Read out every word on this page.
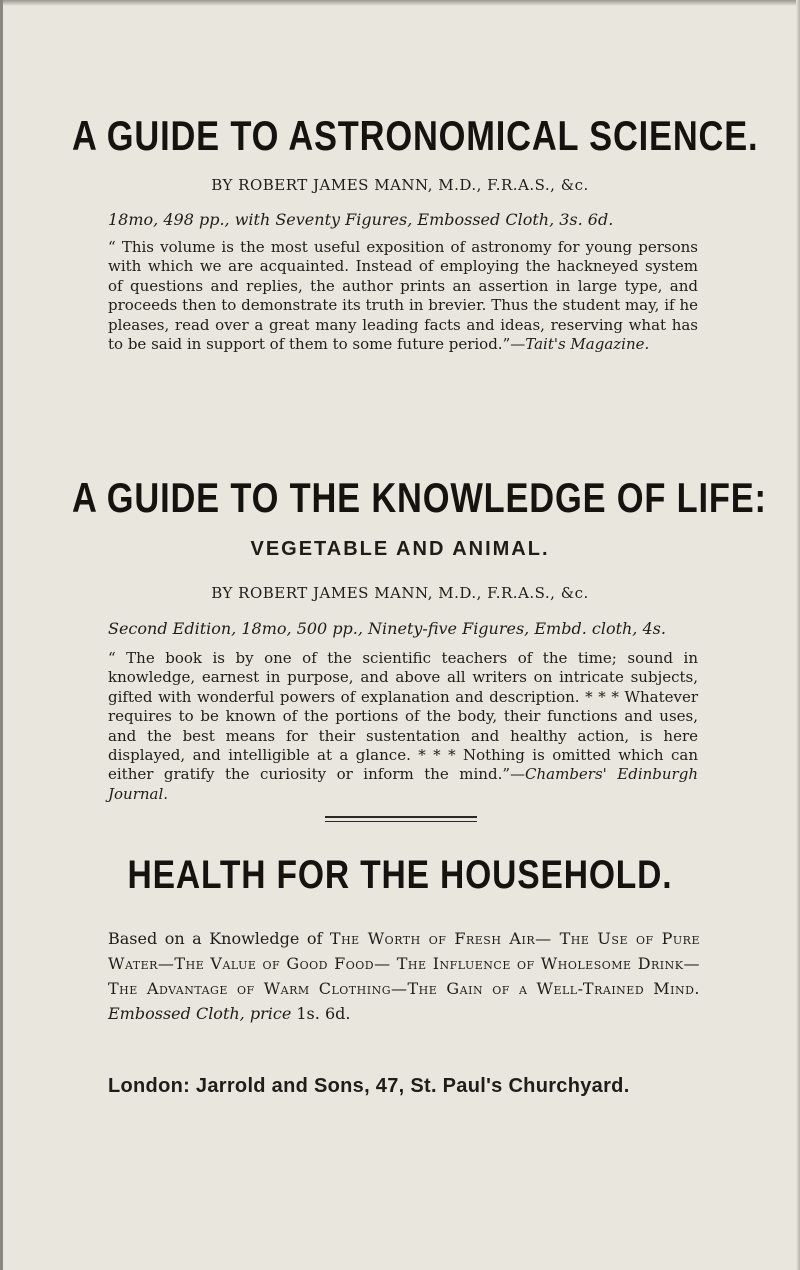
A GUIDE TO ASTRONOMICAL SCIENCE.
BY ROBERT JAMES MANN, M.D., F.R.A.S., &c.
18mo, 498 pp., with Seventy Figures, Embossed Cloth, 3s. 6d.
“ This volume is the most useful exposition of astronomy for young persons with which we are acquainted. Instead of employing the hackneyed system of questions and replies, the author prints an assertion in large type, and proceeds then to demonstrate its truth in brevier. Thus the student may, if he pleases, read over a great many leading facts and ideas, reserving what has to be said in support of them to some future period.”—Tait's Magazine.
A GUIDE TO THE KNOWLEDGE OF LIFE:
VEGETABLE AND ANIMAL.
BY ROBERT JAMES MANN, M.D., F.R.A.S., &c.
Second Edition, 18mo, 500 pp., Ninety-five Figures, Embd. cloth, 4s.
“ The book is by one of the scientific teachers of the time; sound in knowledge, earnest in purpose, and above all writers on intricate subjects, gifted with wonderful powers of explanation and description. * * * Whatever requires to be known of the portions of the body, their functions and uses, and the best means for their sustentation and healthy action, is here displayed, and intelligible at a glance. * * * Nothing is omitted which can either gratify the curiosity or inform the mind.”—Chambers' Edinburgh Journal.
HEALTH FOR THE HOUSEHOLD.
Based on a Knowledge of The Worth of Fresh Air— The Use of Pure Water—The Value of Good Food— The Influence of Wholesome Drink—The Advantage of Warm Clothing—The Gain of a Well-Trained Mind. Embossed Cloth, price 1s. 6d.
London: Jarrold and Sons, 47, St. Paul's Churchyard.
